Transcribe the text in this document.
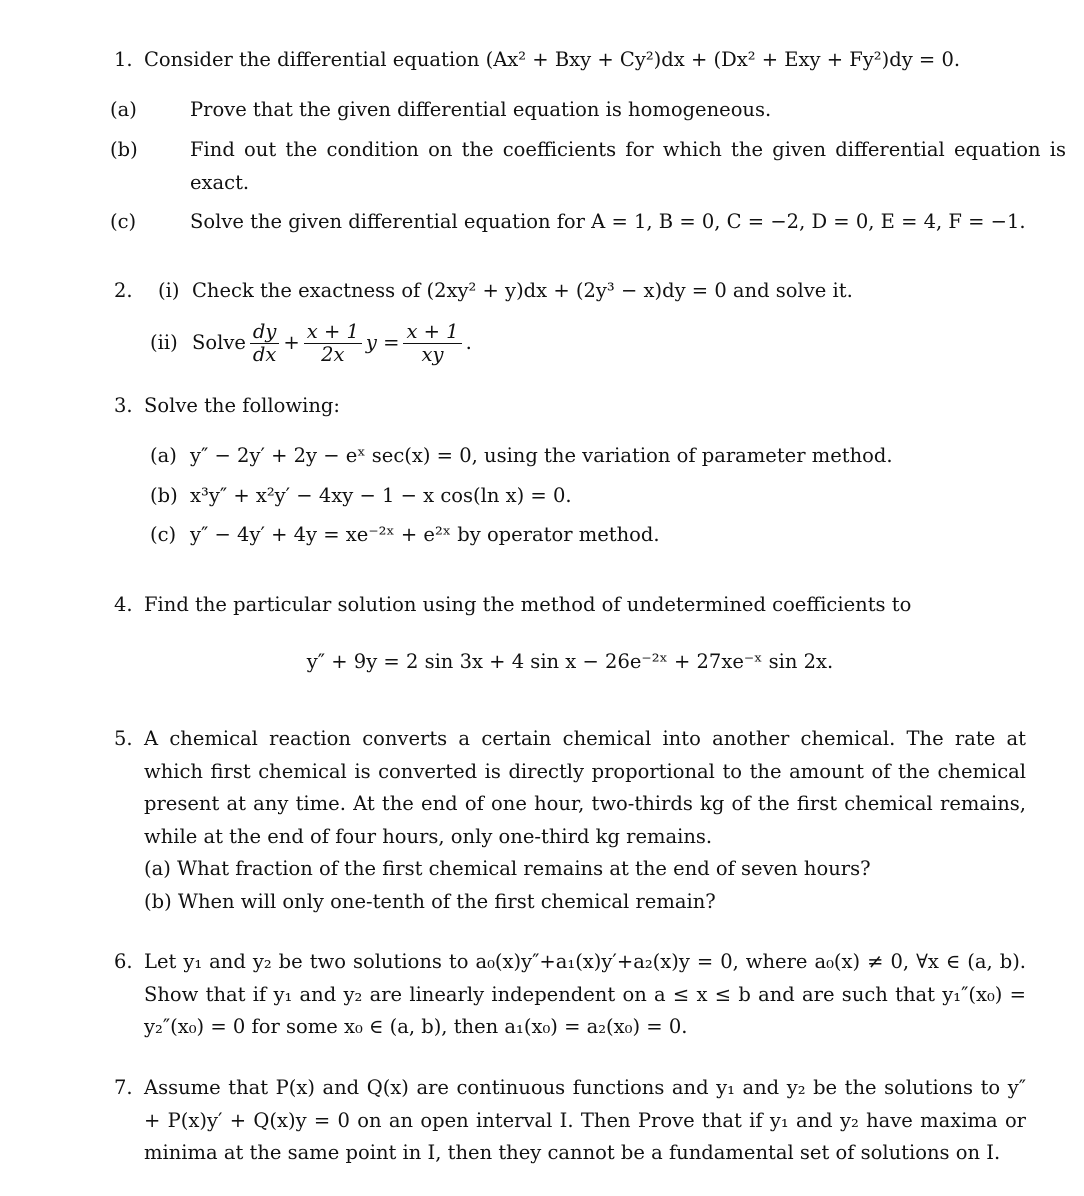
1. Consider the differential equation (Ax² + Bxy + Cy²)dx + (Dx² + Exy + Fy²)dy = 0.
(a)	Prove that the given differential equation is homogeneous.
(b)	Find out the condition on the coefficients for which the given differential equation is exact.
(c)	Solve the given differential equation for A = 1, B = 0, C = −2, D = 0, E = 4, F = −1.
2. (i) Check the exactness of (2xy² + y)dx + (2y³ − x)dy = 0 and solve it.
(ii) Solve $\frac{dy}{dx} + \frac{x + 1}{2x}$ $y = \frac{x + 1}{xy}$ .
3. Solve the following:
(a) y″ − 2y′ + 2y − eˣ sec(x) = 0, using the variation of parameter method.
(b) x³y″ + x²y′ − 4xy − 1 − x cos(ln x) = 0.
(c) y″ − 4y′ + 4y = xe⁻²ˣ + e²ˣ by operator method.
4. Find the particular solution using the method of undetermined coefficients to
y″ + 9y = 2 sin 3x + 4 sin x − 26e⁻²ˣ + 27xe⁻ˣ sin 2x.
5. A chemical reaction converts a certain chemical into another chemical. The rate at which first chemical is converted is directly proportional to the amount of the chemical present at any time. At the end of one hour, two-thirds kg of the first chemical remains, while at the end of four hours, only one-third kg remains.
(a) What fraction of the first chemical remains at the end of seven hours?
(b) When will only one-tenth of the first chemical remain?
6. Let y₁ and y₂ be two solutions to a₀(x)y″+a₁(x)y′+a₂(x)y = 0, where a₀(x) ≠ 0, ∀x ∈ (a, b). Show that if y₁ and y₂ are linearly independent on a ≤ x ≤ b and are such that y₁″(x₀) = y₂″(x₀) = 0 for some x₀ ∈ (a, b), then a₁(x₀) = a₂(x₀) = 0.
7. Assume that P(x) and Q(x) are continuous functions and y₁ and y₂ be the solutions to y″ + P(x)y′ + Q(x)y = 0 on an open interval I. Then Prove that if y₁ and y₂ have maxima or minima at the same point in I, then they cannot be a fundamental set of solutions on I.
